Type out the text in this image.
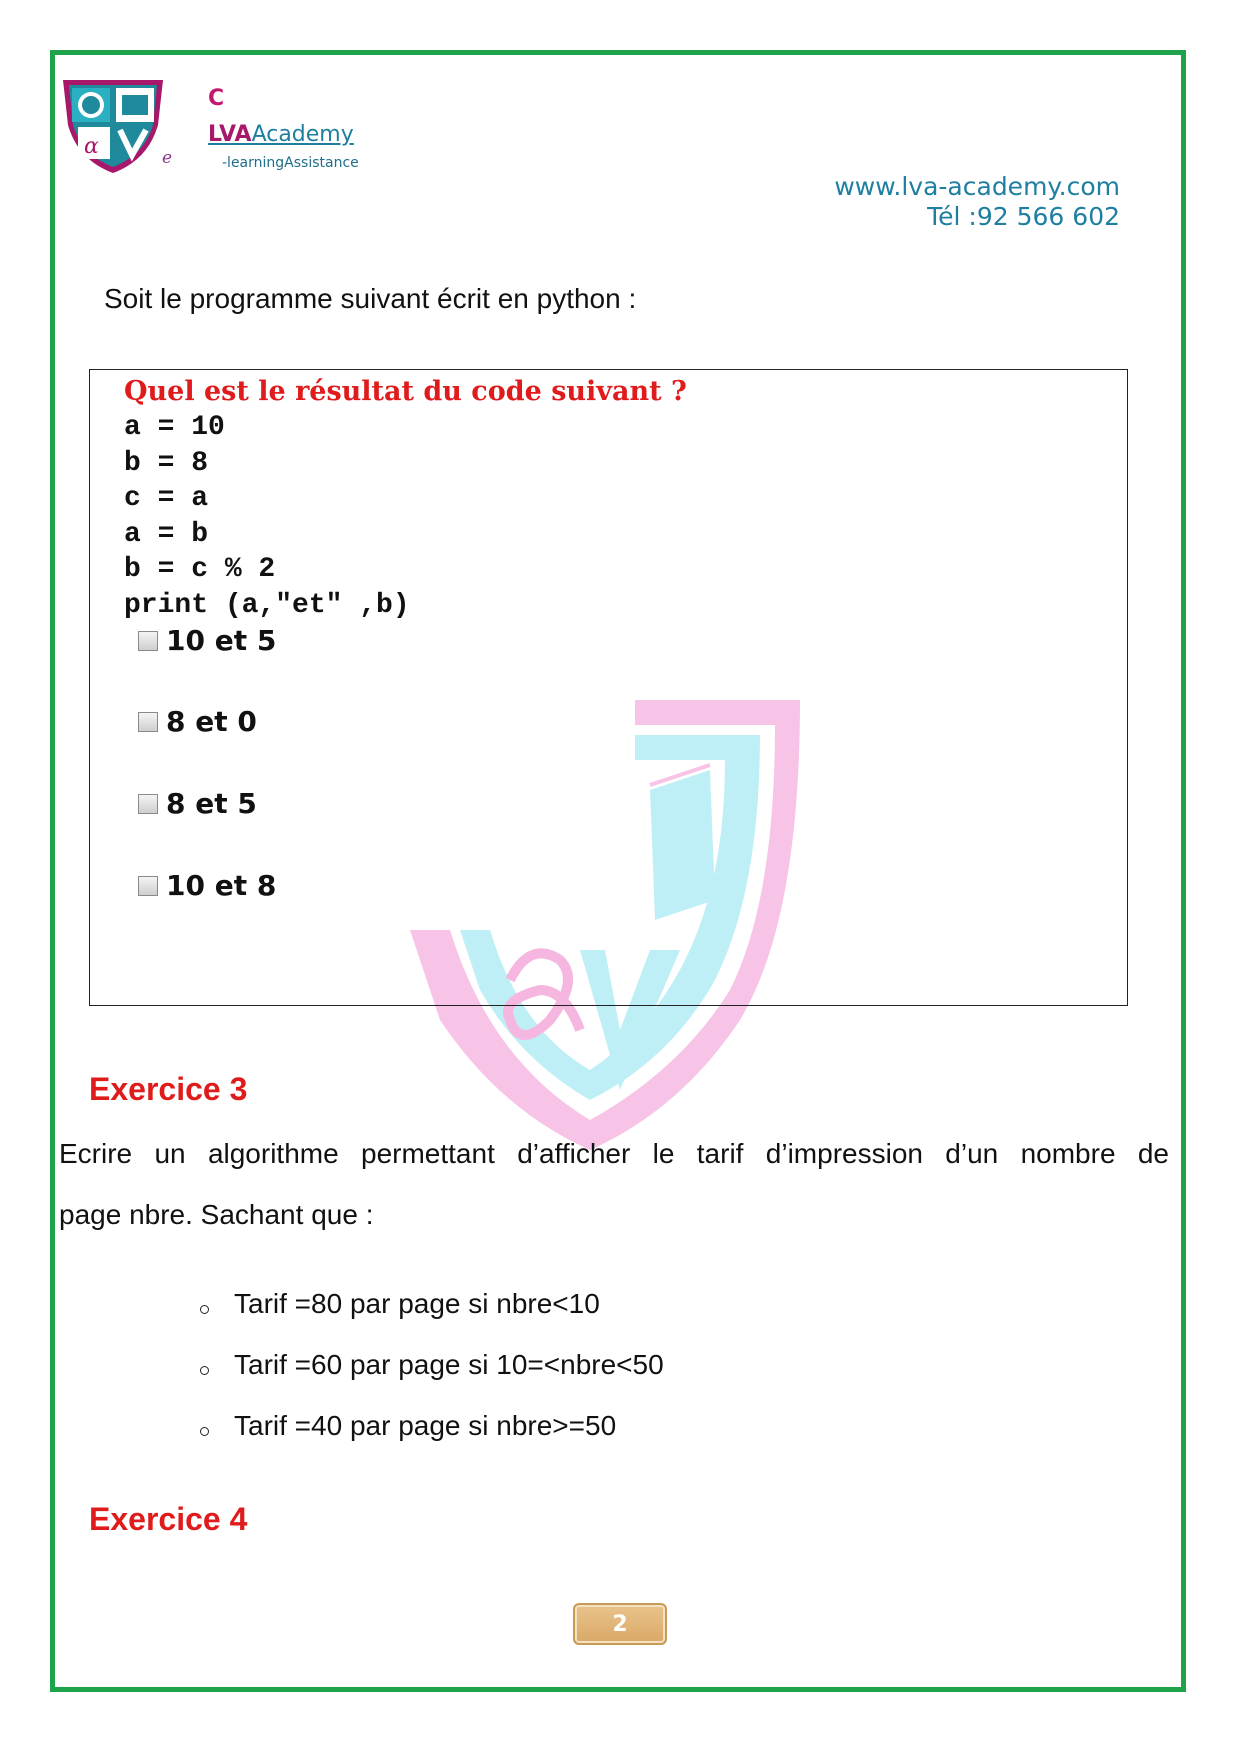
α	e
C
LVAAcademy
-learningAssistance
www.lva-academy.com
Tél :92 566 602
Soit le programme suivant écrit en python :
Quel est le résultat du code suivant ?
a = 10
b = 8
c = a
a = b
b = c % 2
print (a,"et" ,b)
10 et 5
8 et 0
8 et 5
10 et 8
Exercice 3
Ecrire un algorithme permettant d’afficher le tarif d’impression d’un nombre de
page nbre. Sachant que :
Tarif =80 par page si nbre<10
Tarif =60 par page si 10=<nbre<50
Tarif =40 par page si nbre>=50
Exercice 4
2
